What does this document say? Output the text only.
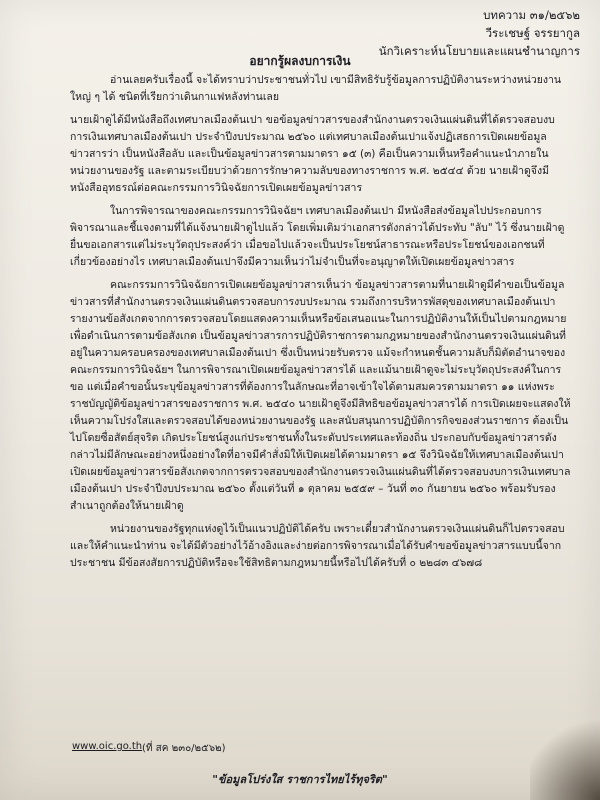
บทความ ๓๑/๒๕๖๒
วีระเชษฐ์ จรรยากูล
นักวิเคราะห์นโยบายและแผนชำนาญการ
อยากรู้ผลงบการเงิน

อ่านเลยครับเรื่องนี้ จะได้ทราบว่าประชาชนทั่วไป เขามีสิทธิรับรู้ข้อมูลการปฏิบัติงานระหว่างหน่วยงานใหญ่ ๆ ได้ ชนิดที่เรียกว่าเดินกาแฟหลังท่านเลย

นายเฝ้าดูได้มีหนังสือถึงเทศบาลเมืองต้นเปา ขอข้อมูลข่าวสารของสำนักงานตรวจเงินแผ่นดินที่ได้ตรวจสอบงบการเงินเทศบาลเมืองต้นเปา ประจำปีงบประมาณ ๒๕๖๐ แต่เทศบาลเมืองต้นเปาแจ้งปฏิเสธการเปิดเผยข้อมูลข่าวสารว่า เป็นหนังสือลับ และเป็นข้อมูลข่าวสารตามมาตรา ๑๕ (๓) คือเป็นความเห็นหรือคำแนะนำภายในหน่วยงานของรัฐ และตามระเบียบว่าด้วยการรักษาความลับของทางราชการ พ.ศ. ๒๕๔๔ ด้วย นายเฝ้าดูจึงมีหนังสืออุทธรณ์ต่อคณะกรรมการวินิจฉัยการเปิดเผยข้อมูลข่าวสาร

ในการพิจารณาของคณะกรรมการวินิจฉัยฯ เทศบาลเมืองต้นเปา มีหนังสือส่งข้อมูลไปประกอบการพิจารณาและชี้แจงตามที่ได้แจ้งนายเฝ้าดูไปแล้ว โดยเพิ่มเติมว่าเอกสารดังกล่าวได้ประทับ "ลับ" ไว้ ซึ่งนายเฝ้าดูยื่นขอเอกสารแต่ไม่ระบุวัตถุประสงค์ว่า เมื่อขอไปแล้วจะเป็นประโยชน์สาธารณะหรือประโยชน์ของเอกชนที่เกี่ยวข้องอย่างไร เทศบาลเมืองต้นเปาจึงมีความเห็นว่าไม่จำเป็นที่จะอนุญาตให้เปิดเผยข้อมูลข่าวสาร

คณะกรรมการวินิจฉัยการเปิดเผยข้อมูลข่าวสารเห็นว่า ข้อมูลข่าวสารตามที่นายเฝ้าดูมีคำขอเป็นข้อมูลข่าวสารที่สำนักงานตรวจเงินแผ่นดินตรวจสอบการงบประมาณ รวมถึงการบริหารพัสดุของเทศบาลเมืองต้นเปา รายงานข้อสังเกตจากการตรวจสอบโดยแสดงความเห็นหรือข้อเสนอแนะในการปฏิบัติงานให้เป็นไปตามกฎหมายเพื่อดำเนินการตามข้อสังเกต เป็นข้อมูลข่าวสารการปฏิบัติราชการตามกฎหมายของสำนักงานตรวจเงินแผ่นดินที่อยู่ในความครอบครองของเทศบาลเมืองต้นเปา ซึ่งเป็นหน่วยรับตรวจ แม้จะกำหนดชั้นความลับก็มิตัดอำนาจของคณะกรรมการวินิจฉัยฯ ในการพิจารณาเปิดเผยข้อมูลข่าวสารได้ และแม้นายเฝ้าดูจะไม่ระบุวัตถุประสงค์ในการขอ แต่เมื่อคำขอนั้นระบุข้อมูลข่าวสารที่ต้องการในลักษณะที่อาจเข้าใจได้ตามสมควรตามมาตรา ๑๑ แห่งพระราชบัญญัติข้อมูลข่าวสารของราชการ พ.ศ. ๒๕๔๐ นายเฝ้าดูจึงมีสิทธิขอข้อมูลข่าวสารได้ การเปิดเผยจะแสดงให้เห็นความโปร่งใสและตรวจสอบได้ของหน่วยงานของรัฐ และสนับสนุนการปฏิบัติการกิจของส่วนราชการ ต้องเป็นไปโดยซื่อสัตย์สุจริต เกิดประโยชน์สูงแก่ประชาชนทั้งในระดับประเทศและท้องถิ่น ประกอบกับข้อมูลข่าวสารดังกล่าวไม่มีลักษณะอย่างหนึ่งอย่างใดที่อาจมีคำสั่งมิให้เปิดเผยได้ตามมาตรา ๑๕ จึงวินิจฉัยให้เทศบาลเมืองต้นเปาเปิดเผยข้อมูลข่าวสารข้อสังเกตจากการตรวจสอบของสำนักงานตรวจเงินแผ่นดินที่ได้ตรวจสอบงบการเงินเทศบาลเมืองต้นเปา ประจำปีงบประมาณ ๒๕๖๐ ตั้งแต่วันที่ ๑ ตุลาคม ๒๕๕๙ – วันที่ ๓๐ กันยายน ๒๕๖๐ พร้อมรับรองสำเนาถูกต้องให้นายเฝ้าดู

หน่วยงานของรัฐทุกแห่งดูไว้เป็นแนวปฏิบัติได้ครับ เพราะเดี๋ยวสำนักงานตรวจเงินแผ่นดินก็ไปตรวจสอบและให้คำแนะนำท่าน จะได้มีตัวอย่างไว้อ้างอิงและง่ายต่อการพิจารณาเมื่อได้รับคำขอข้อมูลข่าวสารแบบนี้จากประชาชน มีข้อสงสัยการปฏิบัติหรือจะใช้สิทธิตามกฎหมายนี้หรือไปได้ครับที่ ๐ ๒๒๘๓ ๔๖๗๘

www.oic.go.th (ที่ สค ๒๓๐/๒๕๖๒)
"ข้อมูลโปร่งใส ราชการไทยไร้ทุจริต"
